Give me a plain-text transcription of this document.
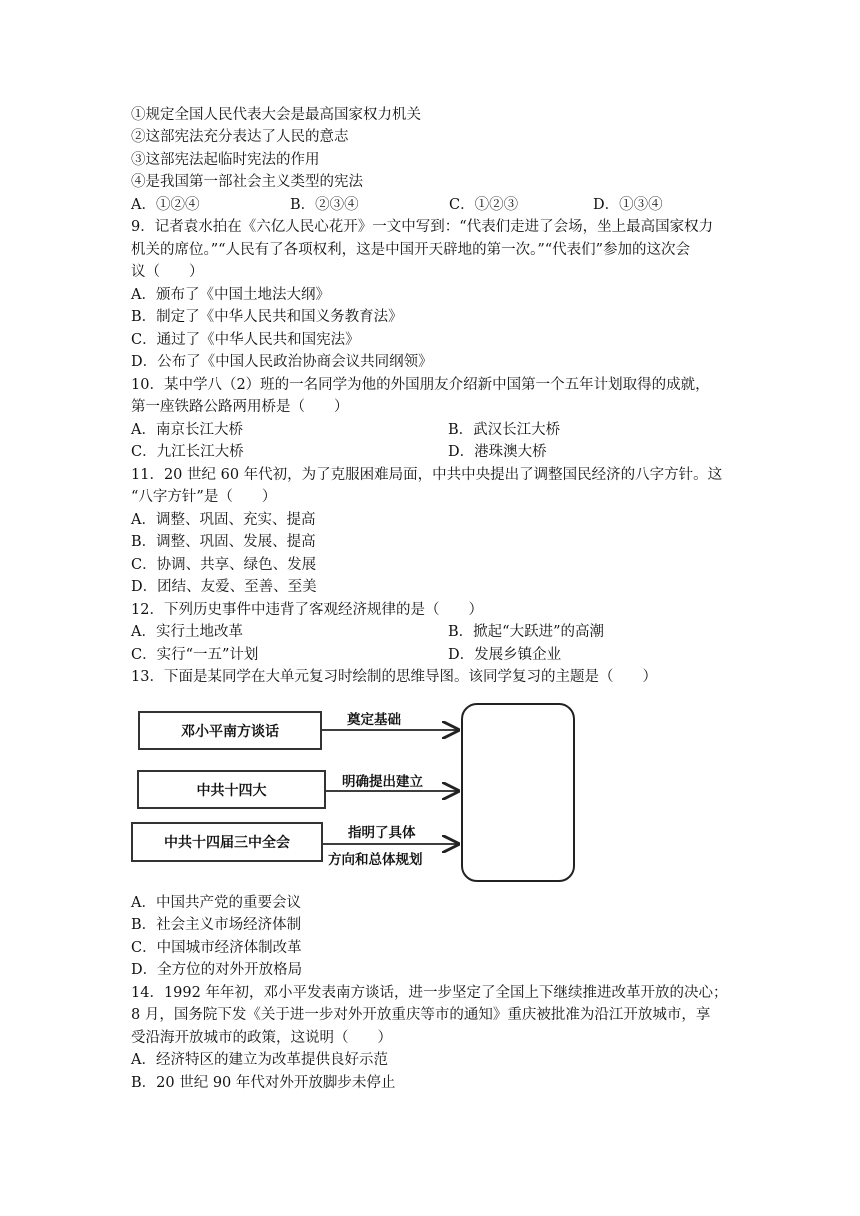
①规定全国人民代表大会是最高国家权力机关
②这部宪法充分表达了人民的意志
③这部宪法起临时宪法的作用
④是我国第一部社会主义类型的宪法
A．①②④	B．②③④	C．①②③	D．①③④
9．记者袁水拍在《六亿人民心花开》一文中写到：“代表们走进了会场，坐上最高国家权力
机关的席位。”“人民有了各项权利，这是中国开天辟地的第一次。”“代表们”参加的这次会
议（　　）
A．颁布了《中国土地法大纲》
B．制定了《中华人民共和国义务教育法》
C．通过了《中华人民共和国宪法》
D．公布了《中国人民政治协商会议共同纲领》
10．某中学八（2）班的一名同学为他的外国朋友介绍新中国第一个五年计划取得的成就，
第一座铁路公路两用桥是（　　）
A．南京长江大桥	B．武汉长江大桥
C．九江长江大桥	D．港珠澳大桥
11．20 世纪 60 年代初，为了克服困难局面，中共中央提出了调整国民经济的八字方针。这
“八字方针”是（　　）
A．调整、巩固、充实、提高
B．调整、巩固、发展、提高
C．协调、共享、绿色、发展
D．团结、友爱、至善、至美
12．下列历史事件中违背了客观经济规律的是（　　）
A．实行土地改革	B．掀起“大跃进”的高潮
C．实行“一五”计划	D．发展乡镇企业
13．下面是某同学在大单元复习时绘制的思维导图。该同学复习的主题是（　　）
邓小平南方谈话
中共十四大
中共十四届三中全会
奠定基础
明确提出建立
指明了具体
方向和总体规划
A．中国共产党的重要会议
B．社会主义市场经济体制
C．中国城市经济体制改革
D．全方位的对外开放格局
14．1992 年年初，邓小平发表南方谈话，进一步坚定了全国上下继续推进改革开放的决心；
8 月，国务院下发《关于进一步对外开放重庆等市的通知》重庆被批准为沿江开放城市，享
受沿海开放城市的政策，这说明（　　）
A．经济特区的建立为改革提供良好示范
B．20 世纪 90 年代对外开放脚步未停止
